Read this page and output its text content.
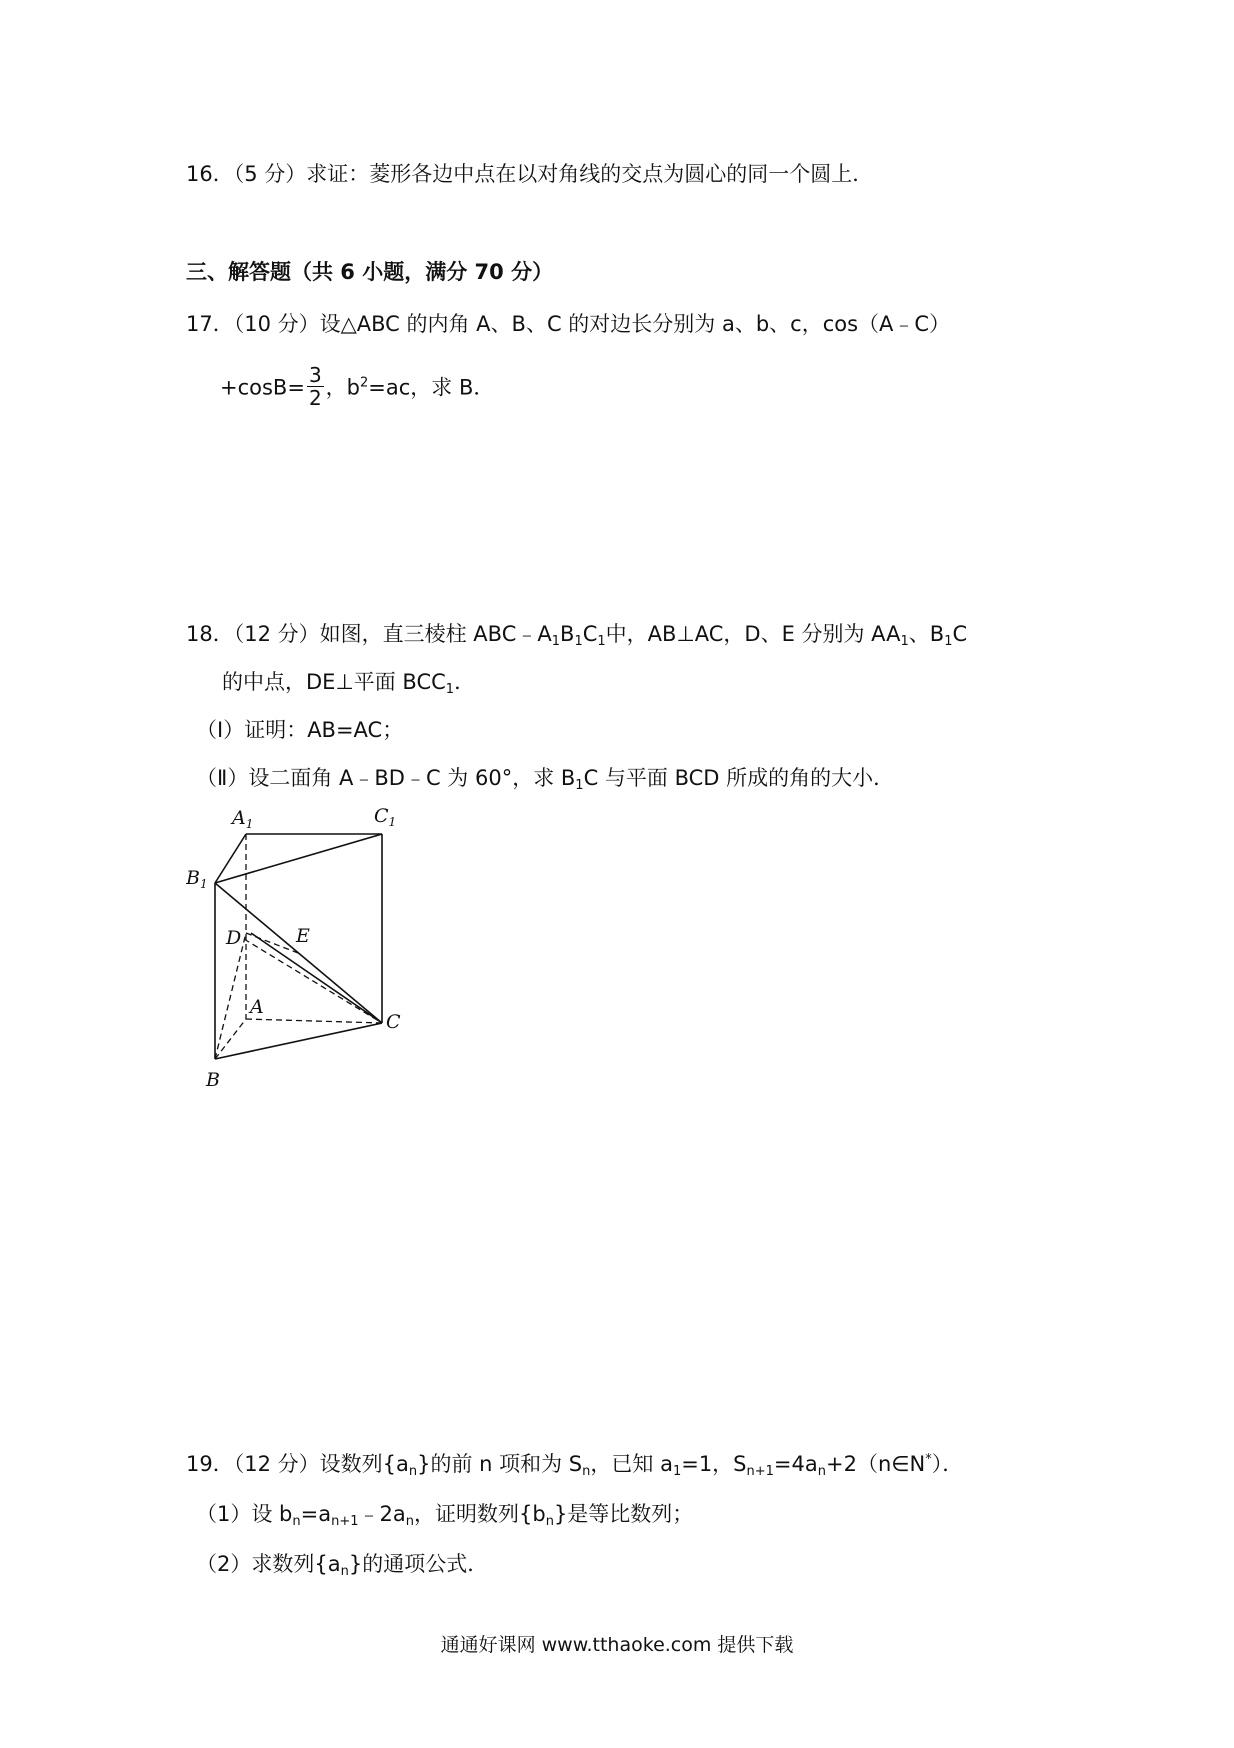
16．（5 分）求证：菱形各边中点在以对角线的交点为圆心的同一个圆上．
三、解答题（共 6 小题，满分 70 分）
17．（10 分）设△ABC 的内角 A、B、C 的对边长分别为 a、b、c，cos（A﹣C）
$+\cos B= \frac{3}{2}$ ，$b^2=ac$，求 B．
18．（12 分）如图，直三棱柱 $ABC﹣A_1B_1C_1$中，AB⊥AC，D、E 分别为 $AA_1$、$B_1C$
的中点，DE⊥平面 $BCC_1$．
（Ⅰ）证明：AB=AC；
（Ⅱ）设二面角 A﹣BD﹣C 为 60°，求 $B_1C$ 与平面 BCD 所成的角的大小．
$A_1$	$C_1$
$B_1$
D	E
A
C
B
19．（12 分）设数列$\{a_n\}$的前 n 项和为 $S_n$，已知 $a_1=1$，$S_{n+1}=4a_n+2(n\in N^*)$．
（1）设 $b_n=a_{n+1}﹣2a_n$，证明数列$\{b_n\}$是等比数列；
（2）求数列$\{a_n\}$的通项公式．
通通好课网 www.tthaoke.com 提供下载
